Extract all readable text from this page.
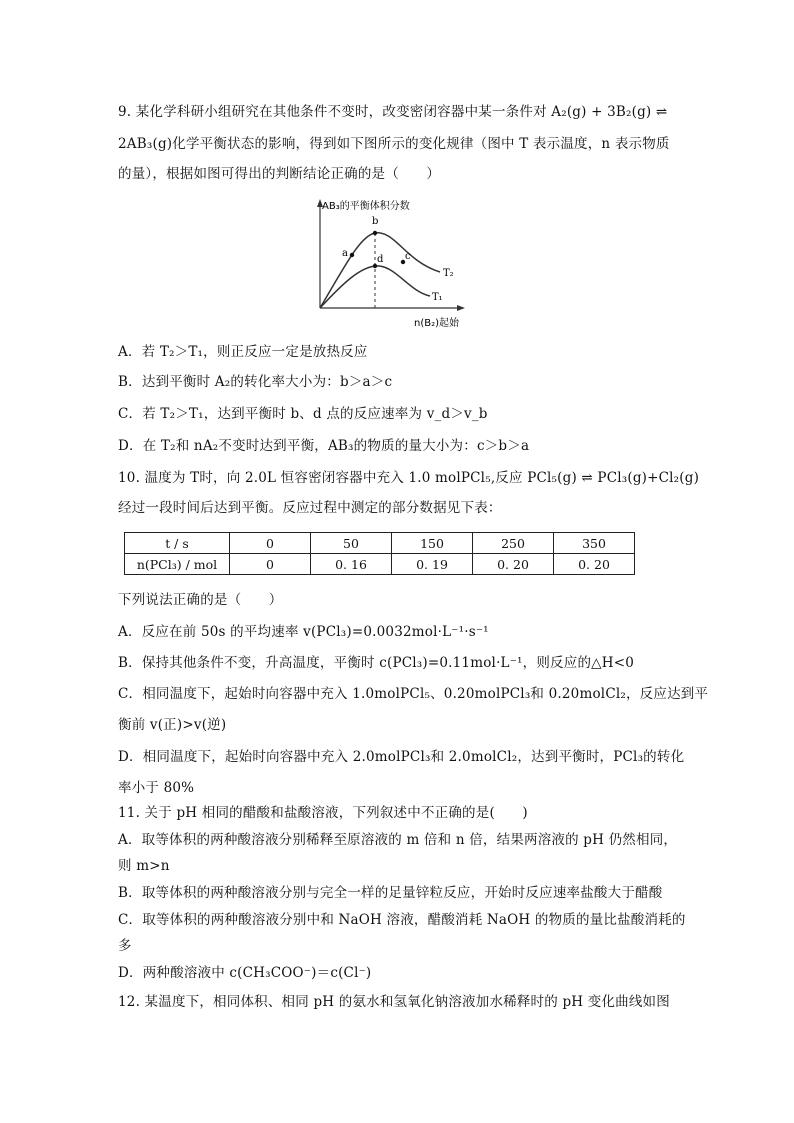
9. 某化学科研小组研究在其他条件不变时，改变密闭容器中某一条件对 A₂(g) + 3B₂(g) ⇌
2AB₃(g)化学平衡状态的影响，得到如下图所示的变化规律（图中 T 表示温度，n 表示物质
的量），根据如图可得出的判断结论正确的是（　　）
AB₃的平衡体积分数
n(B₂)起始
a
b
c
d
T₂
T₁
A．若 T₂＞T₁，则正反应一定是放热反应
B．达到平衡时 A₂的转化率大小为：b＞a＞c
C．若 T₂＞T₁，达到平衡时 b、d 点的反应速率为 v_d＞v_b
D．在 T₂和 nA₂不变时达到平衡，AB₃的物质的量大小为：c＞b＞a
10. 温度为 T时，向 2.0L 恒容密闭容器中充入 1.0 molPCl₅,反应 PCl₅(g) ⇌ PCl₃(g)+Cl₂(g)
经过一段时间后达到平衡。反应过程中测定的部分数据见下表：
t / s	0	50	150	250	350
n(PCl₃) / mol	0	0. 16	0. 19	0. 20	0. 20
下列说法正确的是（　　）
A．反应在前 50s 的平均速率 v(PCl₃)=0.0032mol·L⁻¹·s⁻¹
B．保持其他条件不变，升高温度，平衡时 c(PCl₃)=0.11mol·L⁻¹，则反应的△H<0
C．相同温度下，起始时向容器中充入 1.0molPCl₅、0.20molPCl₃和 0.20molCl₂，反应达到平
衡前 v(正)>v(逆)
D．相同温度下，起始时向容器中充入 2.0molPCl₃和 2.0molCl₂，达到平衡时，PCl₃的转化
率小于 80%
11. 关于 pH 相同的醋酸和盐酸溶液，下列叙述中不正确的是(　　)
A．取等体积的两种酸溶液分别稀释至原溶液的 m 倍和 n 倍，结果两溶液的 pH 仍然相同，
则 m>n
B．取等体积的两种酸溶液分别与完全一样的足量锌粒反应，开始时反应速率盐酸大于醋酸
C．取等体积的两种酸溶液分别中和 NaOH 溶液，醋酸消耗 NaOH 的物质的量比盐酸消耗的
多
D．两种酸溶液中 c(CH₃COO⁻)＝c(Cl⁻)
12. 某温度下，相同体积、相同 pH 的氨水和氢氧化钠溶液加水稀释时的 pH 变化曲线如图
